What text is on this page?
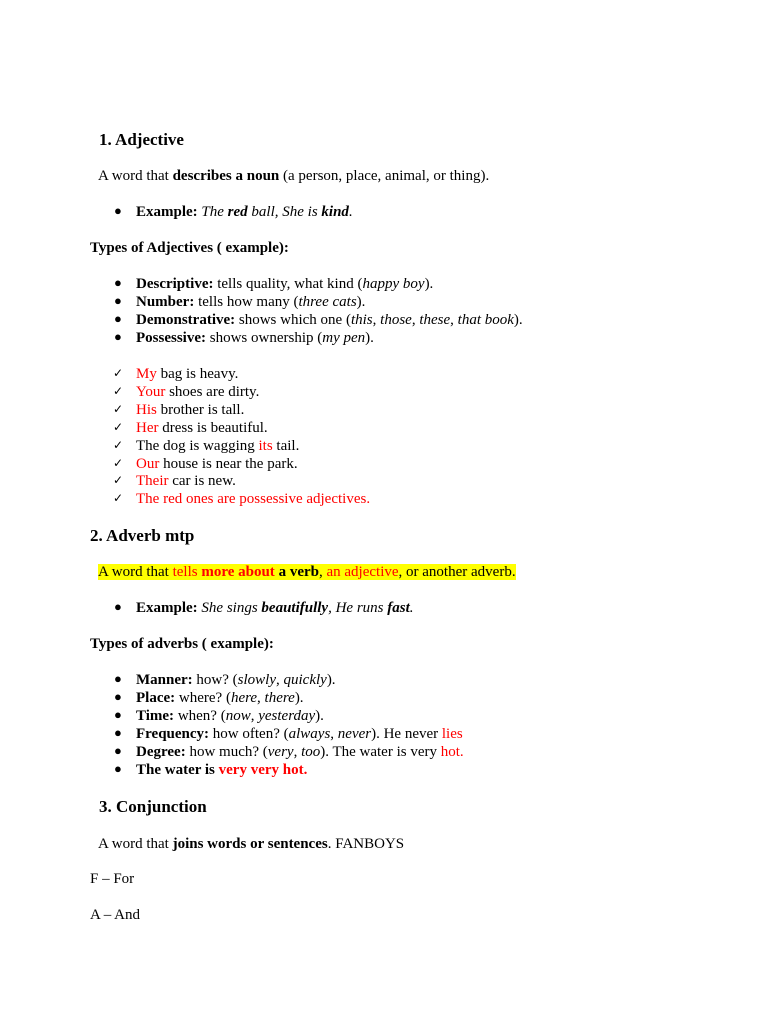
1. Adjective
A word that describes a noun (a person, place, animal, or thing).
● Example: The red ball, She is kind.
Types of Adjectives ( example):
● Descriptive: tells quality, what kind (happy boy).
● Number: tells how many (three cats).
● Demonstrative: shows which one (this, those, these, that book).
● Possessive: shows ownership (my pen).
✓ My bag is heavy.
✓ Your shoes are dirty.
✓ His brother is tall.
✓ Her dress is beautiful.
✓ The dog is wagging its tail.
✓ Our house is near the park.
✓ Their car is new.
✓ The red ones are possessive adjectives.
2. Adverb mtp
A word that tells more about a verb, an adjective, or another adverb.
● Example: She sings beautifully, He runs fast.
Types of adverbs ( example):
● Manner: how? (slowly, quickly).
● Place: where? (here, there).
● Time: when? (now, yesterday).
● Frequency: how often? (always, never). He never lies
● Degree: how much? (very, too). The water is very hot.
● The water is very very hot.
3. Conjunction
A word that joins words or sentences. FANBOYS
F – For
A – And
